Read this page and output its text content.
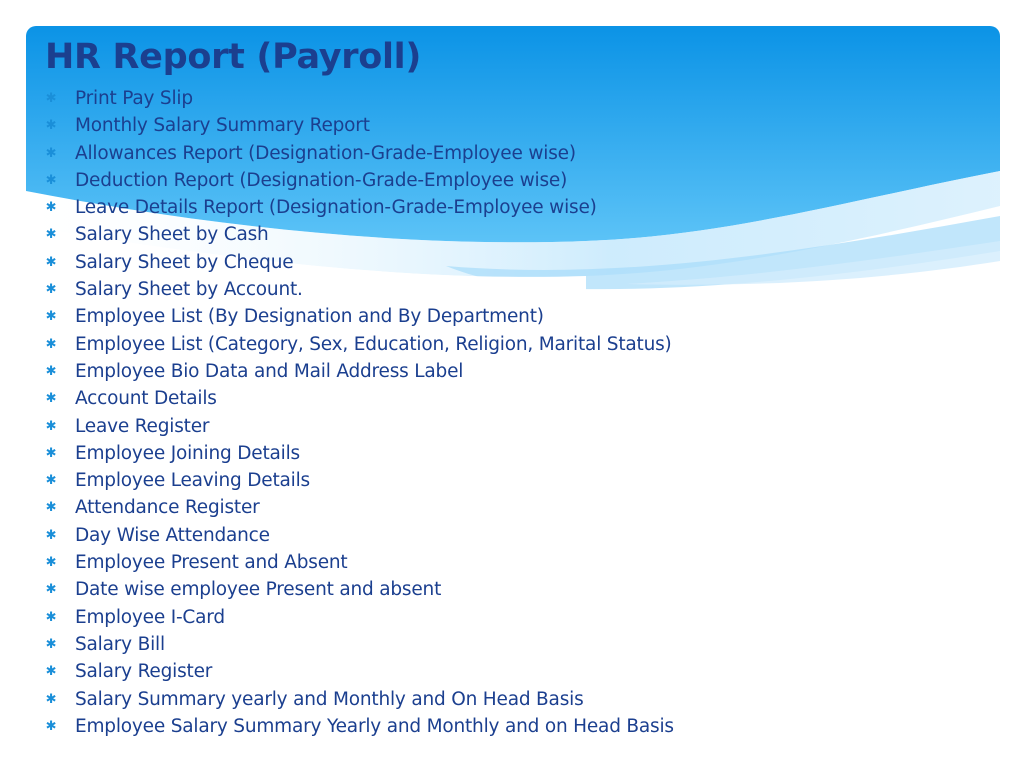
HR Report (Payroll)
✱ Print Pay Slip
✱ Monthly Salary Summary Report
✱ Allowances Report (Designation-Grade-Employee wise)
✱ Deduction Report (Designation-Grade-Employee wise)
✱ Leave Details Report (Designation-Grade-Employee wise)
✱ Salary Sheet by Cash
✱ Salary Sheet by Cheque
✱ Salary Sheet by Account.
✱ Employee List (By Designation and By Department)
✱ Employee List (Category, Sex, Education, Religion, Marital Status)
✱ Employee Bio Data and Mail Address Label
✱ Account Details
✱ Leave Register
✱ Employee Joining Details
✱ Employee Leaving Details
✱ Attendance Register
✱ Day Wise Attendance
✱ Employee Present and Absent
✱ Date wise employee Present and absent
✱ Employee I-Card
✱ Salary Bill
✱ Salary Register
✱ Salary Summary yearly and Monthly and On Head Basis
✱ Employee Salary Summary Yearly and Monthly and on Head Basis
